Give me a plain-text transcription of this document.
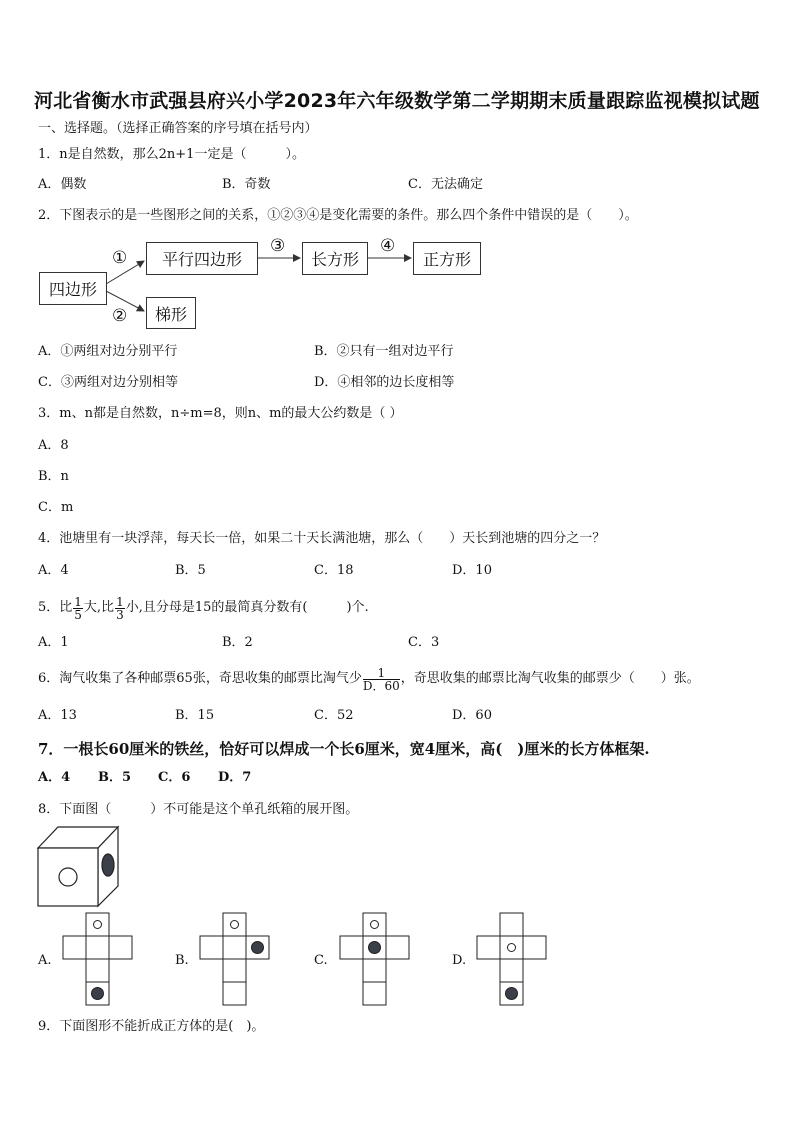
河北省衡水市武强县府兴小学2023年六年级数学第二学期期末质量跟踪监视模拟试题
一、选择题。（选择正确答案的序号填在括号内）
1．n是自然数，那么2n+1一定是（　　　）。
A．偶数	B．奇数	C．无法确定
2．下图表示的是一些图形之间的关系，①②③④是变化需要的条件。那么四个条件中错误的是（　　）。
四边形
平行四边形	长方形	正方形
梯形
①
②
③	④
A．①两组对边分别平行	B．②只有一组对边平行
C．③两组对边分别相等	D．④相邻的边长度相等
3．m、n都是自然数，n÷m=8，则n、m的最大公约数是（ ）
A．8
B．n
C．m
4．池塘里有一块浮萍，每天长一倍，如果二十天长满池塘，那么（　　）天长到池塘的四分之一？
A．4	B．5	C．18	D．10
5．比 $\frac{1}{5}$ 大,比 $\frac{1}{3}$ 小,且分母是15的最简真分数有(　　　)个.
A．1	B．2	C．3
6．淘气收集了各种邮票65张，奇思收集的邮票比淘气少 $\frac{1}{D.60}$ ，奇思收集的邮票比淘气收集的邮票少（　　）张。
A．13	B．15	C．52	D．60
7．一根长60厘米的铁丝，恰好可以焊成一个长6厘米，宽4厘米，高(　)厘米的长方体框架.
A．4 B．5 C．6 D．7
8．下面图（　　　）不可能是这个单孔纸箱的展开图。
A.	B.	C.	D.
9．下面图形不能折成正方体的是(　)。
